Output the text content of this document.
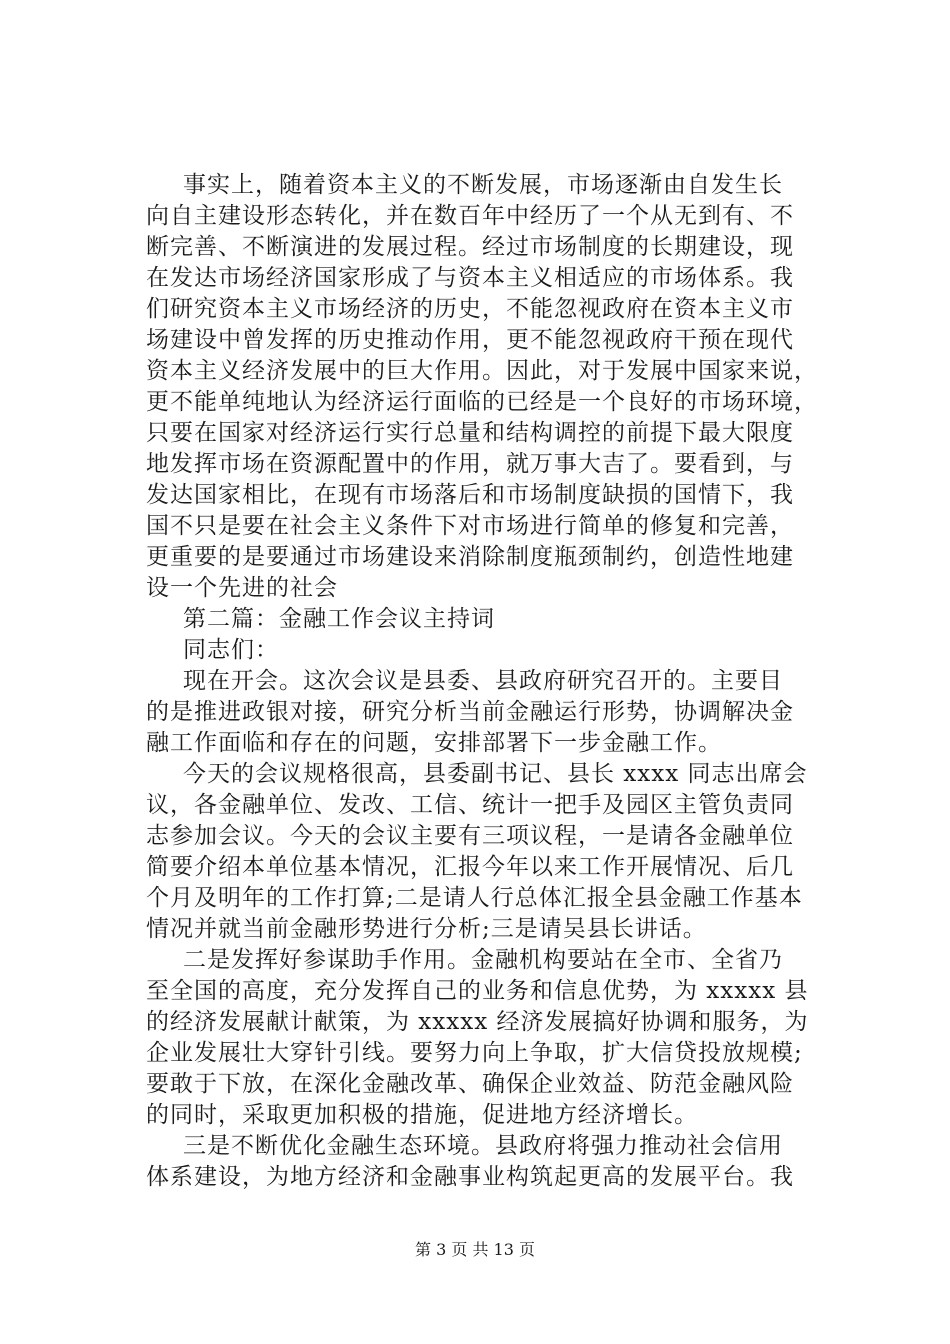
事实上，随着资本主义的不断发展，市场逐渐由自发生长
向自主建设形态转化，并在数百年中经历了一个从无到有、不
断完善、不断演进的发展过程。经过市场制度的长期建设，现
在发达市场经济国家形成了与资本主义相适应的市场体系。我
们研究资本主义市场经济的历史，不能忽视政府在资本主义市
场建设中曾发挥的历史推动作用，更不能忽视政府干预在现代
资本主义经济发展中的巨大作用。因此，对于发展中国家来说，
更不能单纯地认为经济运行面临的已经是一个良好的市场环境，
只要在国家对经济运行实行总量和结构调控的前提下最大限度
地发挥市场在资源配置中的作用，就万事大吉了。要看到，与
发达国家相比，在现有市场落后和市场制度缺损的国情下，我
国不只是要在社会主义条件下对市场进行简单的修复和完善，
更重要的是要通过市场建设来消除制度瓶颈制约，创造性地建
设一个先进的社会
第二篇：金融工作会议主持词
同志们：
现在开会。这次会议是县委、县政府研究召开的。主要目
的是推进政银对接，研究分析当前金融运行形势，协调解决金
融工作面临和存在的问题，安排部署下一步金融工作。
今天的会议规格很高，县委副书记、县长 xxxx 同志出席会
议，各金融单位、发改、工信、统计一把手及园区主管负责同
志参加会议。今天的会议主要有三项议程，一是请各金融单位
简要介绍本单位基本情况，汇报今年以来工作开展情况、后几
个月及明年的工作打算;二是请人行总体汇报全县金融工作基本
情况并就当前金融形势进行分析;三是请吴县长讲话。
二是发挥好参谋助手作用。金融机构要站在全市、全省乃
至全国的高度，充分发挥自己的业务和信息优势，为 xxxxx 县
的经济发展献计献策，为 xxxxx 经济发展搞好协调和服务，为
企业发展壮大穿针引线。要努力向上争取，扩大信贷投放规模;
要敢于下放，在深化金融改革、确保企业效益、防范金融风险
的同时，采取更加积极的措施，促进地方经济增长。
三是不断优化金融生态环境。县政府将强力推动社会信用
体系建设，为地方经济和金融事业构筑起更高的发展平台。我
第 3 页 共 13 页
